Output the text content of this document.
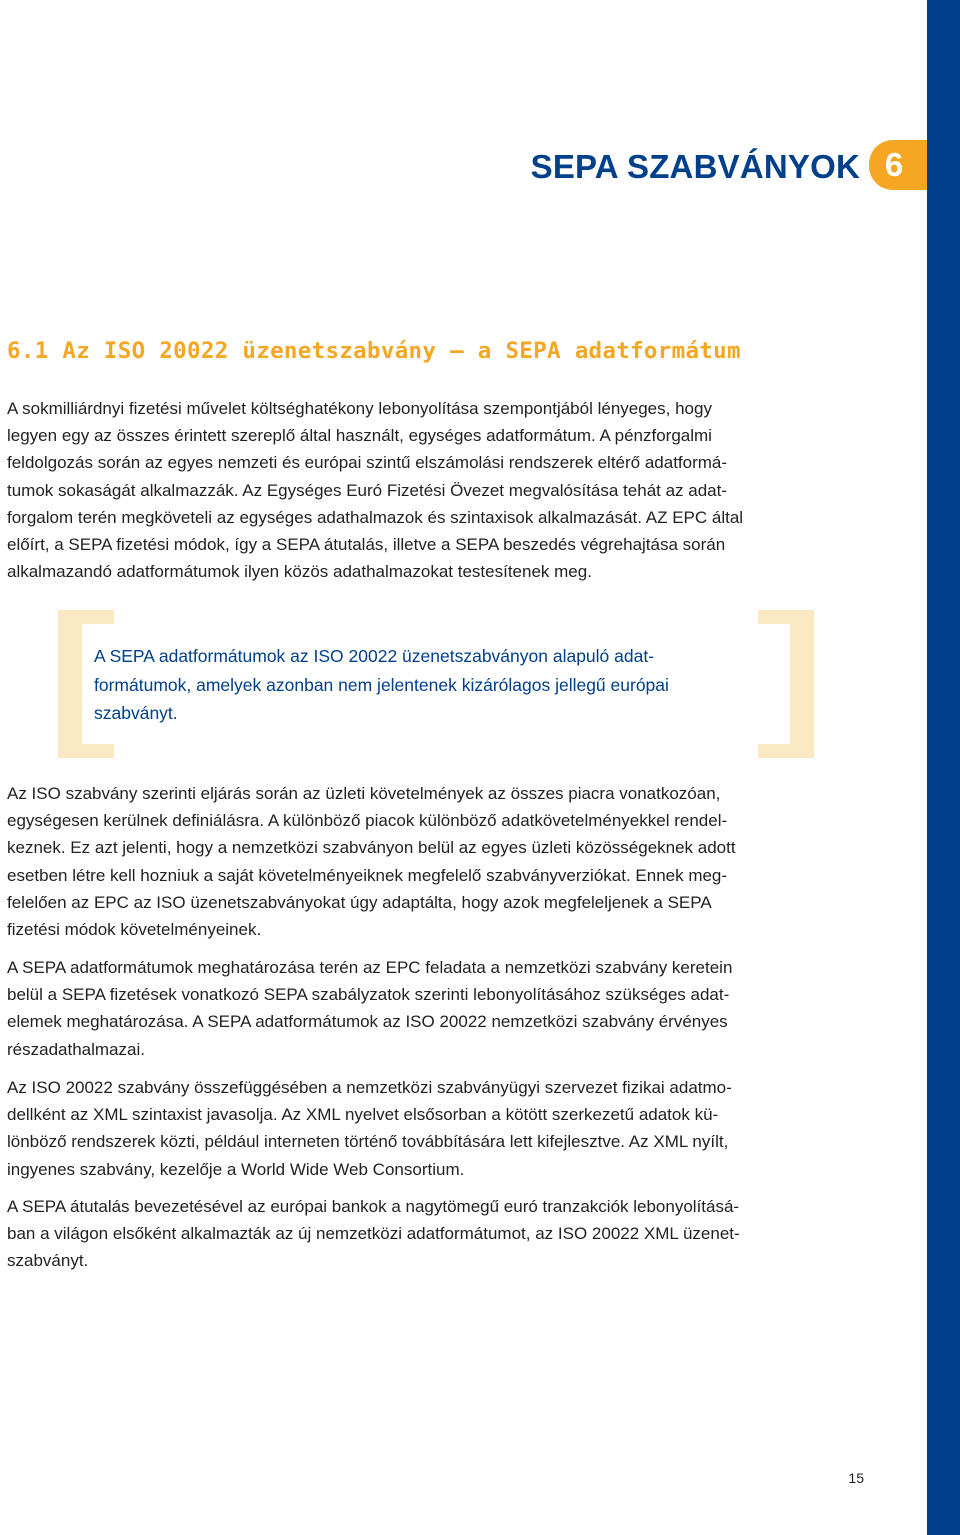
SEPA SZABVÁNYOK 6
6.1 Az ISO 20022 üzenetszabvány – a SEPA adatformátum

A sokmilliárdnyi fizetési művelet költséghatékony lebonyolítása szempontjából lényeges, hogy
legyen egy az összes érintett szereplő által használt, egységes adatformátum. A pénzforgalmi
feldolgozás során az egyes nemzeti és európai szintű elszámolási rendszerek eltérő adatformá-
tumok sokaságát alkalmazzák. Az Egységes Euró Fizetési Övezet megvalósítása tehát az adat-
forgalom terén megköveteli az egységes adathalmazok és szintaxisok alkalmazását. AZ EPC által
előírt, a SEPA fizetési módok, így a SEPA átutalás, illetve a SEPA beszedés végrehajtása során
alkalmazandó adatformátumok ilyen közös adathalmazokat testesítenek meg.

A SEPA adatformátumok az ISO 20022 üzenetszabványon alapuló adat-
formátumok, amelyek azonban nem jelentenek kizárólagos jellegű európai
szabványt.

Az ISO szabvány szerinti eljárás során az üzleti követelmények az összes piacra vonatkozóan,
egységesen kerülnek definiálásra. A különböző piacok különböző adatkövetelményekkel rendel-
keznek. Ez azt jelenti, hogy a nemzetközi szabványon belül az egyes üzleti közösségeknek adott
esetben létre kell hozniuk a saját követelményeiknek megfelelő szabványverziókat. Ennek meg-
felelően az EPC az ISO üzenetszabványokat úgy adaptálta, hogy azok megfeleljenek a SEPA
fizetési módok követelményeinek.

A SEPA adatformátumok meghatározása terén az EPC feladata a nemzetközi szabvány keretein
belül a SEPA fizetések vonatkozó SEPA szabályzatok szerinti lebonyolításához szükséges adat-
elemek meghatározása. A SEPA adatformátumok az ISO 20022 nemzetközi szabvány érvényes
részadathalmazai.

Az ISO 20022 szabvány összefüggésében a nemzetközi szabványügyi szervezet fizikai adatmo-
dellként az XML szintaxist javasolja. Az XML nyelvet elsősorban a kötött szerkezetű adatok kü-
lönböző rendszerek közti, például interneten történő továbbítására lett kifejlesztve. Az XML nyílt,
ingyenes szabvány, kezelője a World Wide Web Consortium.

A SEPA átutalás bevezetésével az európai bankok a nagytömegű euró tranzakciók lebonyolításá-
ban a világon elsőként alkalmazták az új nemzetközi adatformátumot, az ISO 20022 XML üzenet-
szabványt.

15
